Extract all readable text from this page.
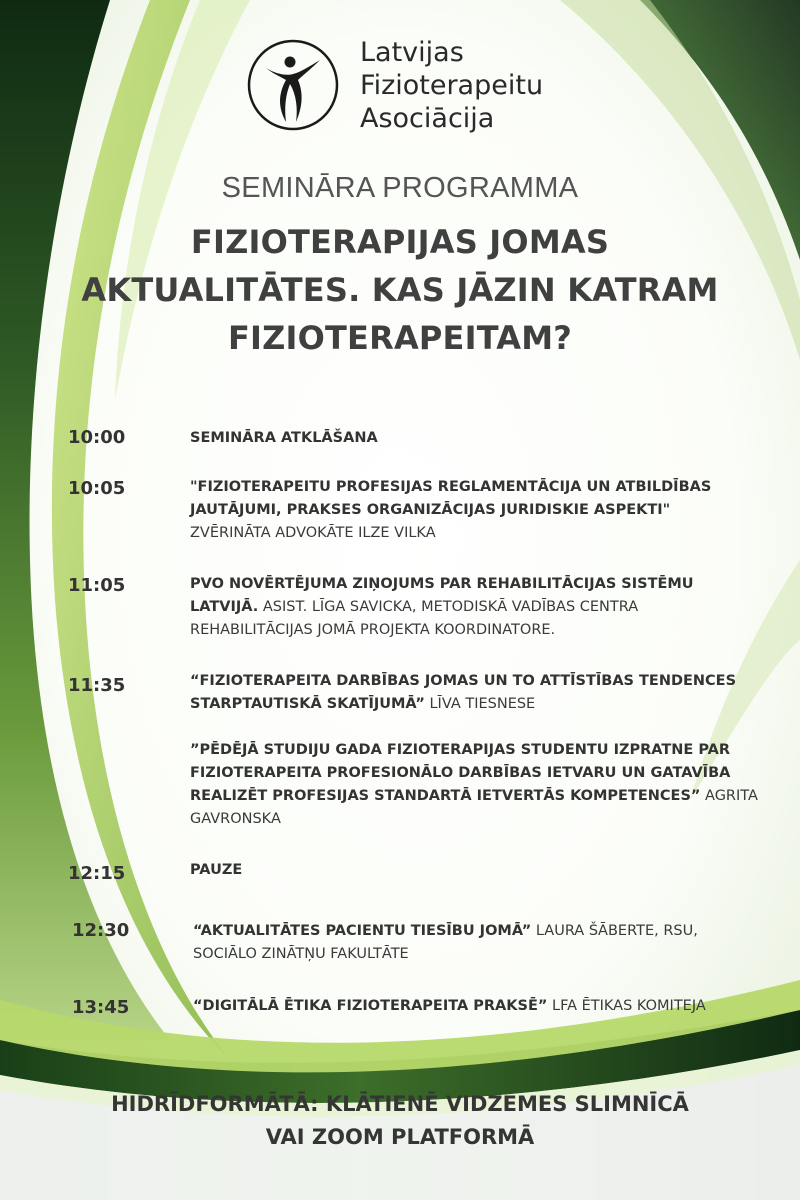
Latvijas
Fizioterapeitu
Asociācija
SEMINĀRA PROGRAMMA
FIZIOTERAPIJAS JOMAS AKTUALITĀTES. KAS JĀZIN KATRAM FIZIOTERAPEITAM?
10:00	SEMINĀRA ATKLĀŠANA
10:05	"FIZIOTERAPEITU PROFESIJAS REGLAMENTĀCIJA UN ATBILDĪBAS JAUTĀJUMI, PRAKSES ORGANIZĀCIJAS JURIDISKIE ASPEKTI" ZVĒRINĀTA ADVOKĀTE ILZE VILKA
11:05	PVO NOVĒRTĒJUMA ZIŅOJUMS PAR REHABILITĀCIJAS SISTĒMU LATVIJĀ. ASIST. LĪGA SAVICKA, METODISKĀ VADĪBAS CENTRA REHABILITĀCIJAS JOMĀ PROJEKTA KOORDINATORE.
11:35	“FIZIOTERAPEITA DARBĪBAS JOMAS UN TO ATTĪSTĪBAS TENDENCES STARPTAUTISKĀ SKATĪJUMĀ” LĪVA TIESNESE
”PĒDĒJĀ STUDIJU GADA FIZIOTERAPIJAS STUDENTU IZPRATNE PAR FIZIOTERAPEITA PROFESIONĀLO DARBĪBAS IETVARU UN GATAVĪBA REALIZĒT PROFESIJAS STANDARTĀ IETVERTĀS KOMPETENCES” AGRITA GAVRONSKA
12:15	PAUZE
12:30	“AKTUALITĀTES PACIENTU TIESĪBU JOMĀ” LAURA ŠĀBERTE, RSU, SOCIĀLO ZINĀTŅU FAKULTĀTE
13:45	“DIGITĀLĀ ĒTIKA FIZIOTERAPEITA PRAKSĒ” LFA ĒTIKAS KOMITEJA
HIDRĪDFORMĀTĀ: KLĀTIENĒ VIDZEMES SLIMNĪCĀ
VAI ZOOM PLATFORMĀ
